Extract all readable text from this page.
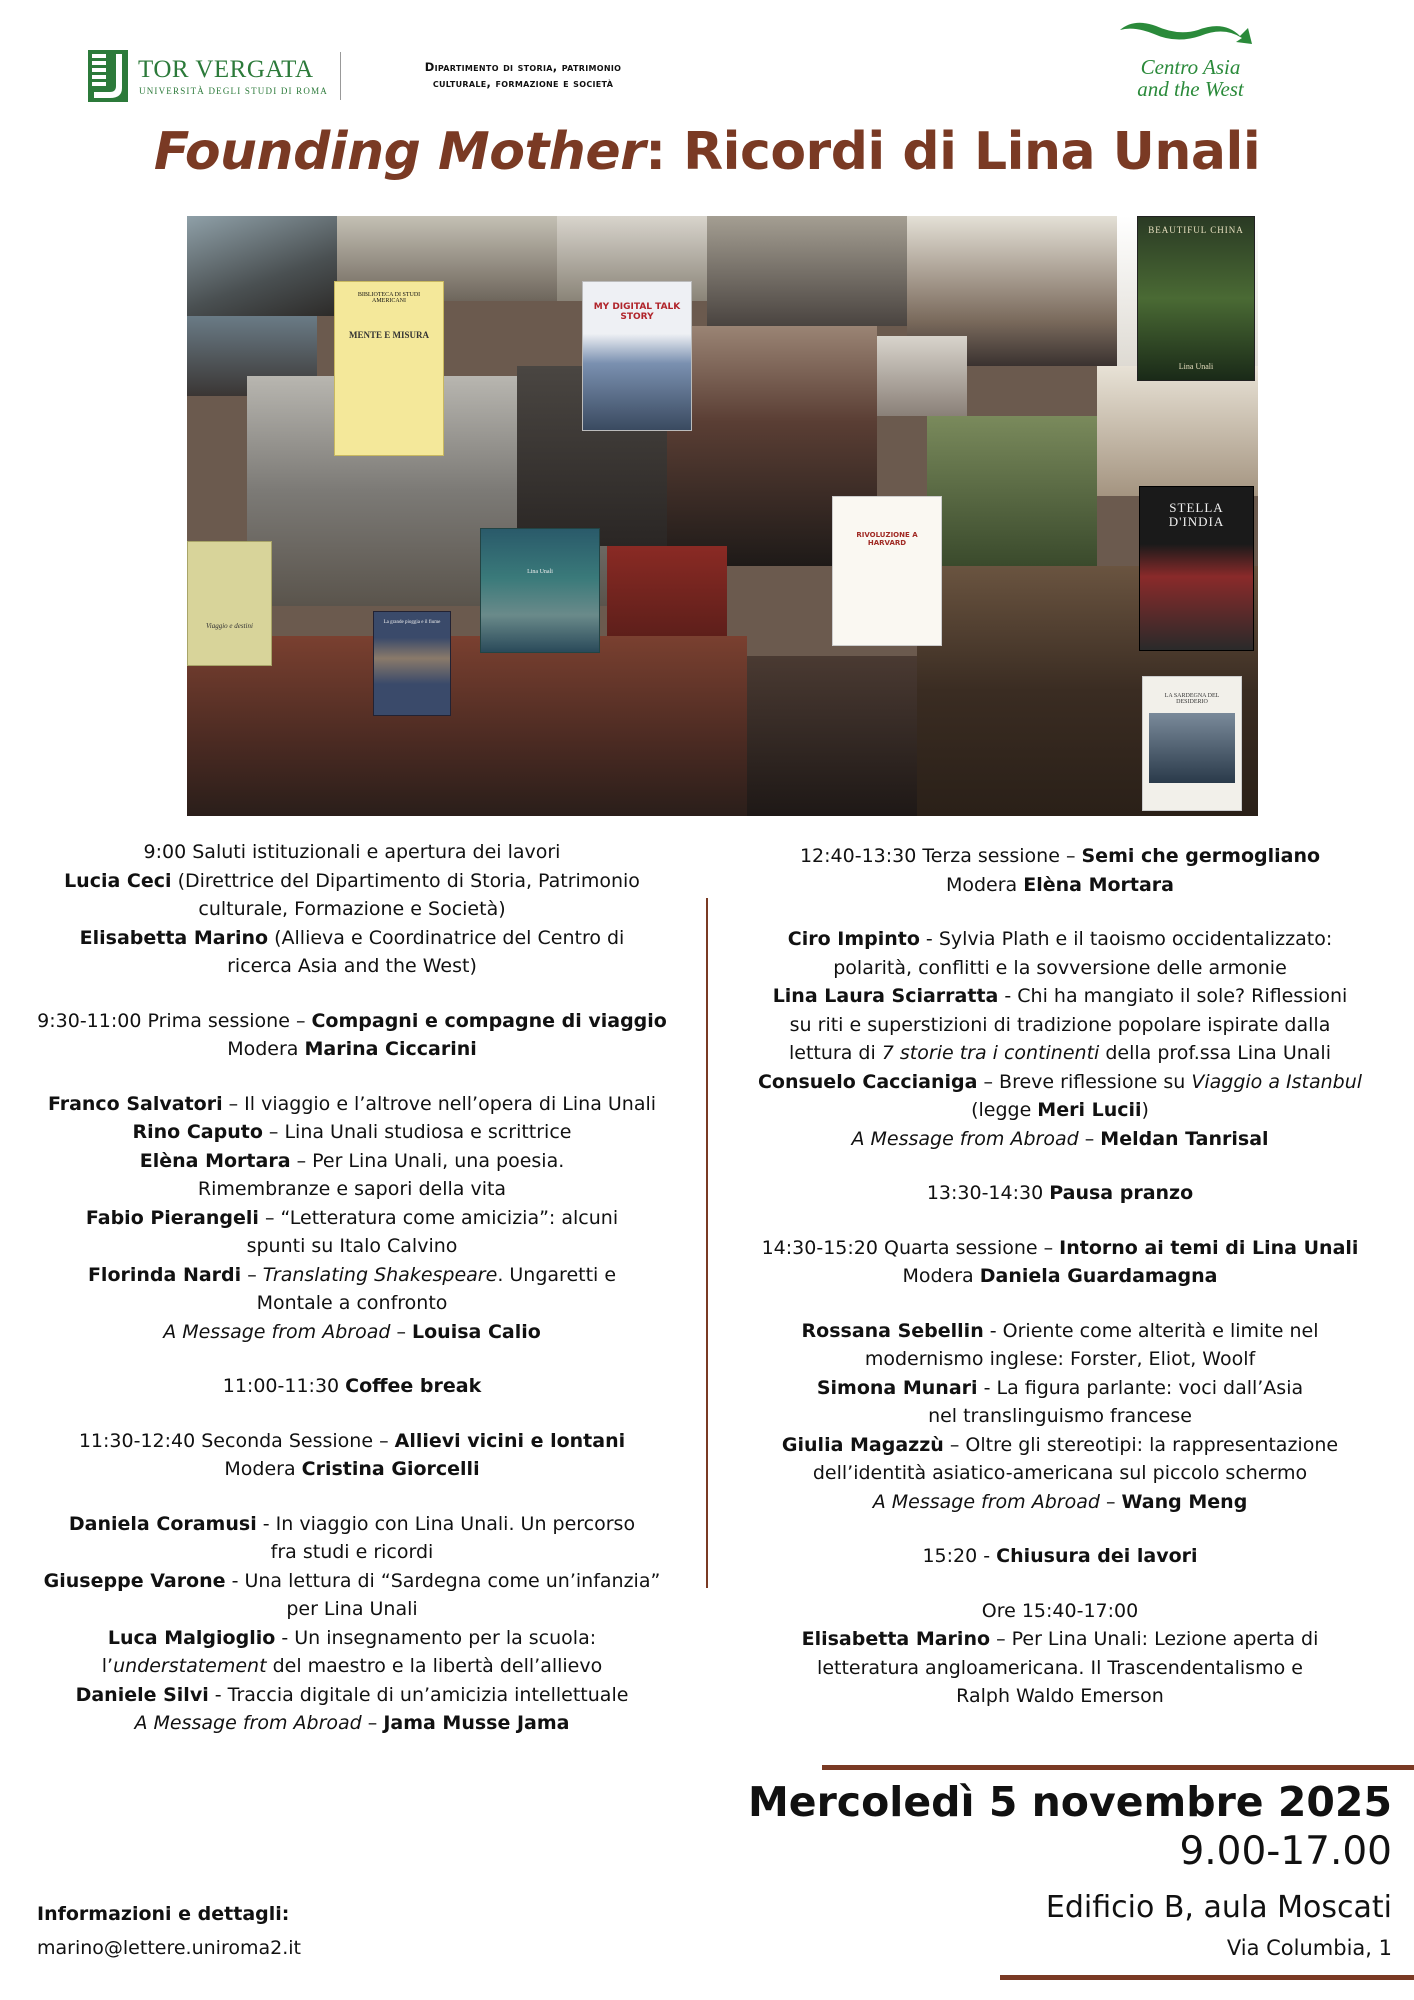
TOR VERGATA
UNIVERSITÀ DEGLI STUDI DI ROMA
Dipartimento di storia, patrimonio
culturale, formazione e società
Centro Asia
and the West
Founding Mother: Ricordi di Lina Unali
BIBLIOTECA DI STUDI AMERICANI
MENTE E MISURA
MY DIGITAL TALK STORY
BEAUTIFUL CHINA
Lina Unali
STELLA D'INDIA
LA SARDEGNA DEL DESIDERIO
RIVOLUZIONE A HARVARD
La grande pioggia e il fiume
Viaggio e destini
Lina Unali

9:00 Saluti istituzionali e apertura dei lavori

Lucia Ceci (Direttrice del Dipartimento di Storia, Patrimonio

culturale, Formazione e Società)

Elisabetta Marino (Allieva e Coordinatrice del Centro di

ricerca Asia and the West)

9:30-11:00 Prima sessione – Compagni e compagne di viaggio

Modera Marina Ciccarini

Franco Salvatori – Il viaggio e l’altrove nell’opera di Lina Unali

Rino Caputo – Lina Unali studiosa e scrittrice

Elèna Mortara – Per Lina Unali, una poesia.

Rimembranze e sapori della vita

Fabio Pierangeli – “Letteratura come amicizia”: alcuni

spunti su Italo Calvino

Florinda Nardi – Translating Shakespeare. Ungaretti e

Montale a confronto

A Message from Abroad – Louisa Calio

11:00-11:30 Coffee break

11:30-12:40 Seconda Sessione – Allievi vicini e lontani

Modera Cristina Giorcelli

Daniela Coramusi - In viaggio con Lina Unali. Un percorso

fra studi e ricordi

Giuseppe Varone - Una lettura di “Sardegna come un’infanzia”

per Lina Unali

Luca Malgioglio - Un insegnamento per la scuola:

l’understatement del maestro e la libertà dell’allievo

Daniele Silvi - Traccia digitale di un’amicizia intellettuale

A Message from Abroad – Jama Musse Jama

12:40-13:30 Terza sessione – Semi che germogliano

Modera Elèna Mortara

Ciro Impinto - Sylvia Plath e il taoismo occidentalizzato:

polarità, conflitti e la sovversione delle armonie

Lina Laura Sciarratta - Chi ha mangiato il sole? Riflessioni

su riti e superstizioni di tradizione popolare ispirate dalla

lettura di 7 storie tra i continenti della prof.ssa Lina Unali

Consuelo Caccianiga – Breve riflessione su Viaggio a Istanbul

(legge Meri Lucii)

A Message from Abroad – Meldan Tanrisal

13:30-14:30 Pausa pranzo

14:30-15:20 Quarta sessione – Intorno ai temi di Lina Unali

Modera Daniela Guardamagna

Rossana Sebellin - Oriente come alterità e limite nel

modernismo inglese: Forster, Eliot, Woolf

Simona Munari - La figura parlante: voci dall’Asia

nel translinguismo francese

Giulia Magazzù – Oltre gli stereotipi: la rappresentazione

dell’identità asiatico-americana sul piccolo schermo

A Message from Abroad – Wang Meng

15:20 - Chiusura dei lavori

Ore 15:40-17:00

Elisabetta Marino – Per Lina Unali: Lezione aperta di

letteratura angloamericana. Il Trascendentalismo e

Ralph Waldo Emerson

Mercoledì 5 novembre 2025
9.00-17.00
Edificio B, aula Moscati
Via Columbia, 1
Informazioni e dettagli:
marino@lettere.uniroma2.it
